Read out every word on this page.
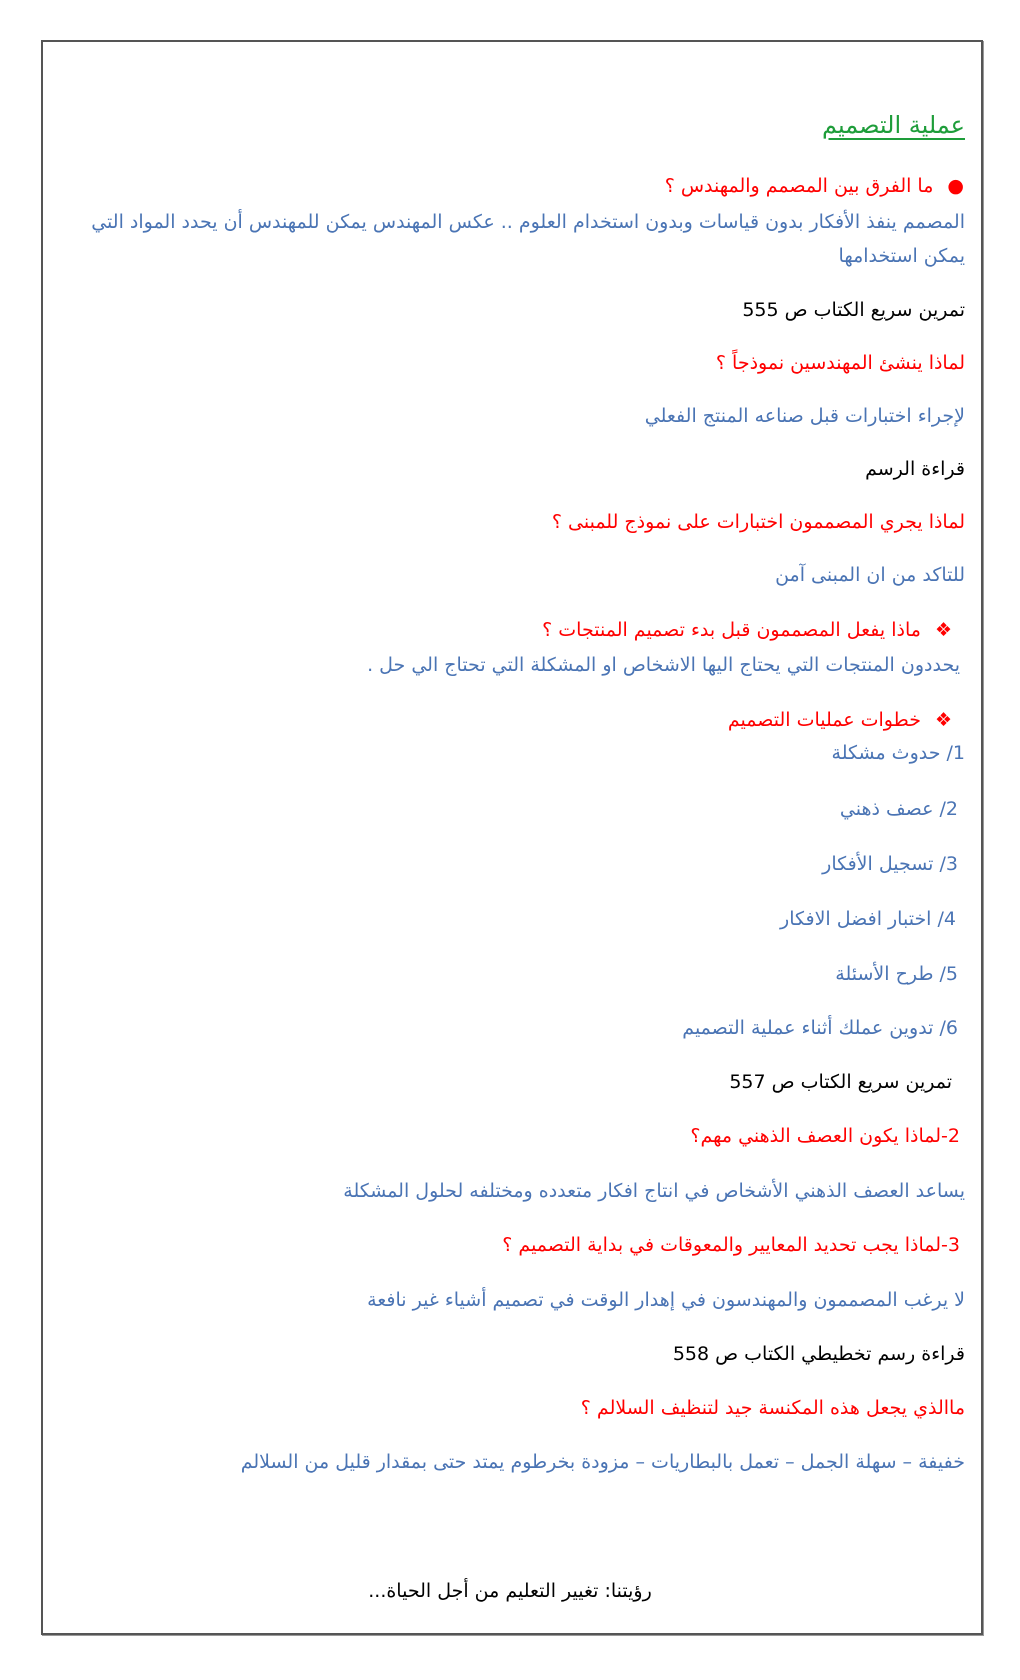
عملية التصميم
●ما الفرق بين المصمم والمهندس ؟
المصمم ينفذ الأفكار بدون قياسات وبدون استخدام العلوم .. عكس المهندس يمكن للمهندس أن يحدد المواد التي يمكن استخدامها
تمرين سريع الكتاب ص 555
لماذا ينشئ المهندسين نموذجاً ؟
لإجراء اختبارات قبل صناعه المنتج الفعلي
قراءة الرسم
لماذا يجري المصممون اختبارات على نموذج للمبنى ؟
للتاكد من ان المبنى آمن
❖ماذا يفعل المصممون قبل بدء تصميم المنتجات ؟
يحددون المنتجات التي يحتاج اليها الاشخاص او المشكلة التي تحتاج الي حل .
❖خطوات عمليات التصميم
1/ حدوث مشكلة
2/ عصف ذهني
3/ تسجيل الأفكار
4/ اختبار افضل الافكار
5/ طرح الأسئلة
6/ تدوين عملك أثناء عملية التصميم
تمرين سريع الكتاب ص 557
2-لماذا يكون العصف الذهني مهم؟
يساعد العصف الذهني الأشخاص في انتاج افكار متعدده ومختلفه لحلول المشكلة
3-لماذا يجب تحديد المعايير والمعوقات في بداية التصميم ؟
لا يرغب المصممون والمهندسون في إهدار الوقت في تصميم أشياء غير نافعة
قراءة رسم تخطيطي الكتاب ص 558
ماالذي يجعل هذه المكنسة جيد لتنظيف السلالم ؟
خفيفة – سهلة الجمل – تعمل بالبطاريات – مزودة بخرطوم يمتد حتى بمقدار قليل من السلالم
رؤيتنا: تغيير التعليم من أجل الحياة...
